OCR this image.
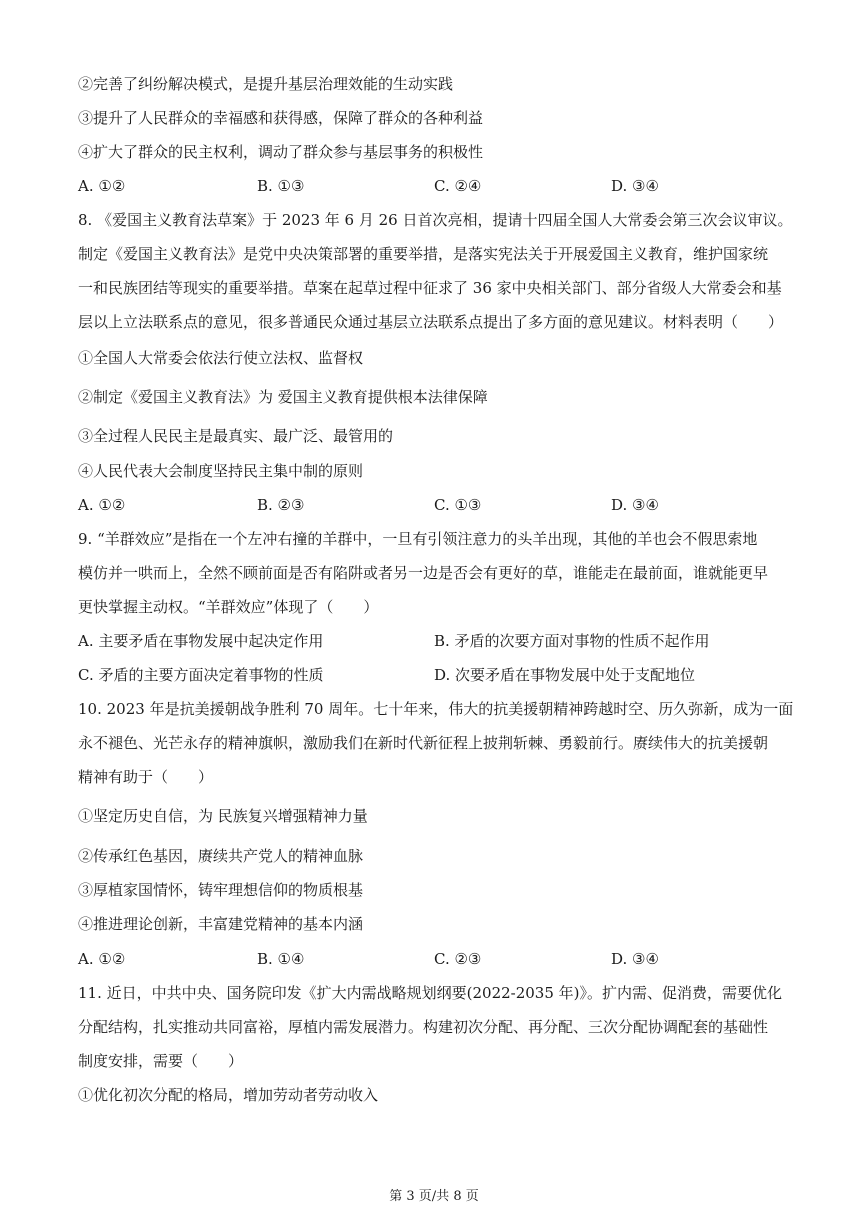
②完善了纠纷解决模式，是提升基层治理效能的生动实践
③提升了人民群众的幸福感和获得感，保障了群众的各种利益
④扩大了群众的民主权利，调动了群众参与基层事务的积极性
A. ①②	B. ①③	C. ②④	D. ③④
8. 《爱国主义教育法草案》于 2023 年 6 月 26 日首次亮相，提请十四届全国人大常委会第三次会议审议。
制定《爱国主义教育法》是党中央决策部署的重要举措，是落实宪法关于开展爱国主义教育，维护国家统
一和民族团结等现实的重要举措。草案在起草过程中征求了 36 家中央相关部门、部分省级人大常委会和基
层以上立法联系点的意见，很多普通民众通过基层立法联系点提出了多方面的意见建议。材料表明（　　）
①全国人大常委会依法行使立法权、监督权
②制定《爱国主义教育法》为 爱国主义教育提供根本法律保障
③全过程人民民主是最真实、最广泛、最管用的
④人民代表大会制度坚持民主集中制的原则
A. ①②	B. ②③	C. ①③	D. ③④
9. “羊群效应”是指在一个左冲右撞的羊群中，一旦有引领注意力的头羊出现，其他的羊也会不假思索地
模仿并一哄而上，全然不顾前面是否有陷阱或者另一边是否会有更好的草，谁能走在最前面，谁就能更早
更快掌握主动权。“羊群效应”体现了（　　）
A. 主要矛盾在事物发展中起决定作用	B. 矛盾的次要方面对事物的性质不起作用
C. 矛盾的主要方面决定着事物的性质	D. 次要矛盾在事物发展中处于支配地位
10. 2023 年是抗美援朝战争胜利 70 周年。七十年来，伟大的抗美援朝精神跨越时空、历久弥新，成为一面
永不褪色、光芒永存的精神旗帜，激励我们在新时代新征程上披荆斩棘、勇毅前行。赓续伟大的抗美援朝
精神有助于（　　）
①坚定历史自信，为 民族复兴增强精神力量
②传承红色基因，赓续共产党人的精神血脉
③厚植家国情怀，铸牢理想信仰的物质根基
④推进理论创新，丰富建党精神的基本内涵
A. ①②	B. ①④	C. ②③	D. ③④
11. 近日，中共中央、国务院印发《扩大内需战略规划纲要(2022-2035 年)》。扩内需、促消费，需要优化
分配结构，扎实推动共同富裕，厚植内需发展潜力。构建初次分配、再分配、三次分配协调配套的基础性
制度安排，需要（　　）
①优化初次分配的格局，增加劳动者劳动收入
第 3 页/共 8 页
